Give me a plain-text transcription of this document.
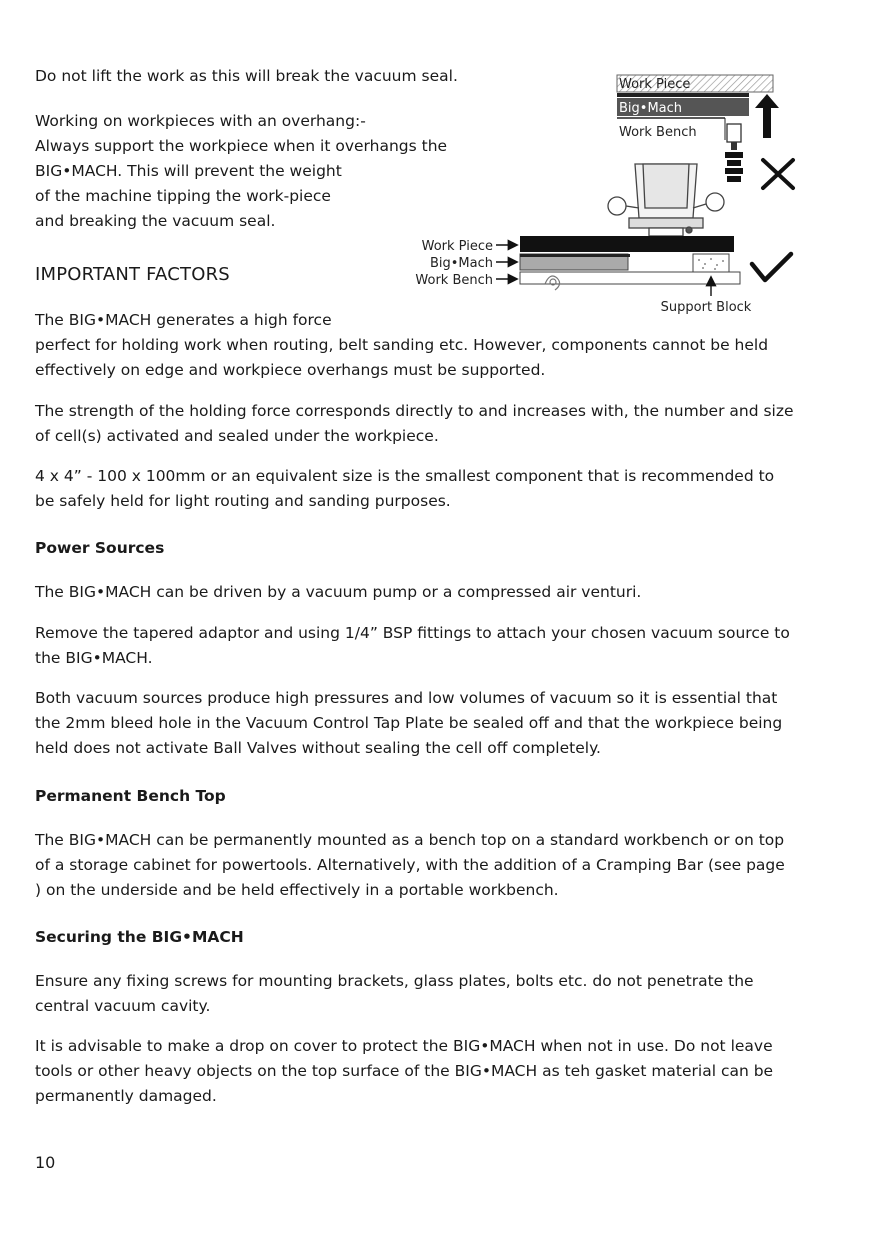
Do not lift the work as this will break the vacuum seal.

Working on workpieces with an overhang:-

Always support the workpiece when it overhangs the

BIG•MACH. This will prevent the weight

of the machine tipping the work-piece

and breaking the vacuum seal.

Work Piece
Big•Mach
Work Bench
Work Piece
Big•Mach
Work Bench
Support Block
IMPORTANT FACTORS

The BIG•MACH generates a high force

perfect for holding work when routing, belt sanding etc. However, components cannot be held effectively on edge and workpiece overhangs must be supported.

The strength of the holding force corresponds directly to and increases with, the number and size of cell(s) activated and sealed under the workpiece.

4 x 4” - 100 x 100mm or an equivalent size is the smallest component that is recommended to be safely held for light routing and sanding purposes.

Power Sources

The BIG•MACH can be driven by a vacuum pump or a compressed air venturi.

Remove the tapered adaptor and using 1/4” BSP fittings to attach your chosen vacuum source to the BIG•MACH.

Both vacuum sources produce high pressures and low volumes of vacuum so it is essential that the 2mm bleed hole in the Vacuum Control Tap Plate be sealed off and that the workpiece being held does not activate Ball Valves without sealing the cell off completely.

Permanent Bench Top

The BIG•MACH can be permanently mounted as a bench top on a standard workbench or on top of a storage cabinet for powertools. Alternatively, with the addition of a Cramping Bar (see page ) on the underside and be held effectively in a portable workbench.

Securing the BIG•MACH

Ensure any fixing screws for mounting brackets, glass plates, bolts etc. do not penetrate the central vacuum cavity.

It is advisable to make a drop on cover to protect the BIG•MACH when not in use. Do not leave tools or other heavy objects on the top surface of the BIG•MACH as teh gasket material can be permanently damaged.

10
